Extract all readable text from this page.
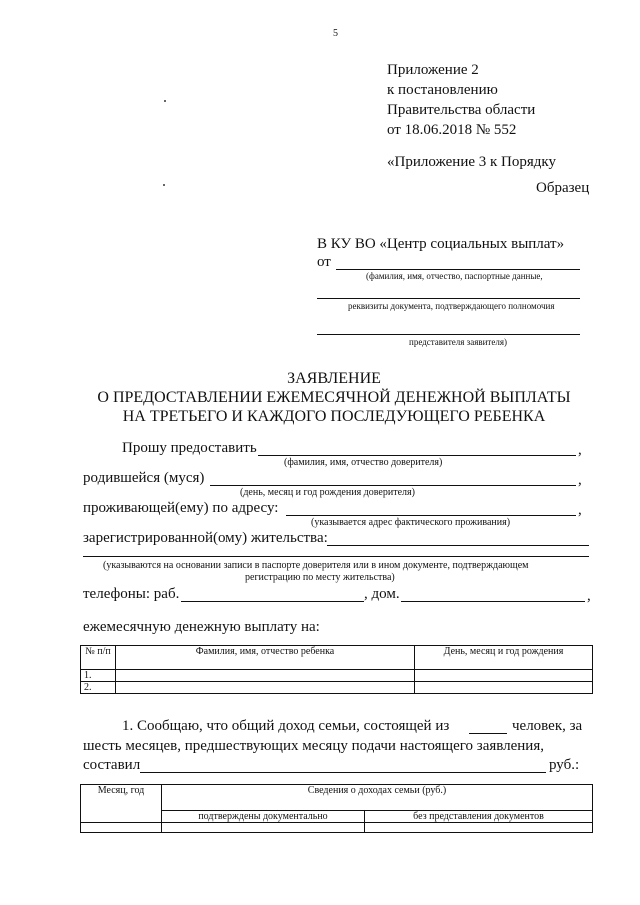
5
Приложение 2
к постановлению
Правительства области
от 18.06.2018 № 552
«Приложение 3 к Порядку
Образец
В КУ ВО «Центр социальных выплат»
от
(фамилия, имя, отчество, паспортные данные,
реквизиты документа, подтверждающего полномочия
представителя заявителя)
ЗАЯВЛЕНИЕ
О ПРЕДОСТАВЛЕНИИ ЕЖЕМЕСЯЧНОЙ ДЕНЕЖНОЙ ВЫПЛАТЫ
НА ТРЕТЬЕГО И КАЖДОГО ПОСЛЕДУЮЩЕГО РЕБЕНКА
Прошу предоставить	,
(фамилия, имя, отчество доверителя)
родившейся (муся)	,
(день, месяц и год рождения доверителя)
проживающей(ему) по адресу:	,
(указывается адрес фактического проживания)
зарегистрированной(ому) жительства:
(указываются на основании записи в паспорте доверителя или в ином документе, подтверждающем
регистрацию по месту жительства)
телефоны: раб.	, дом.	,
ежемесячную денежную выплату на:
№ п/п	Фамилия, имя, отчество ребенка	День, месяц и год рождения
1.		
2.		
1. Сообщаю, что общий доход семьи, состоящей из	человек, за
шесть месяцев, предшествующих месяцу подачи настоящего заявления,
составил	руб.:
Месяц, год	Сведения о доходах семьи (руб.)	
	подтверждены документально	без представления документов
